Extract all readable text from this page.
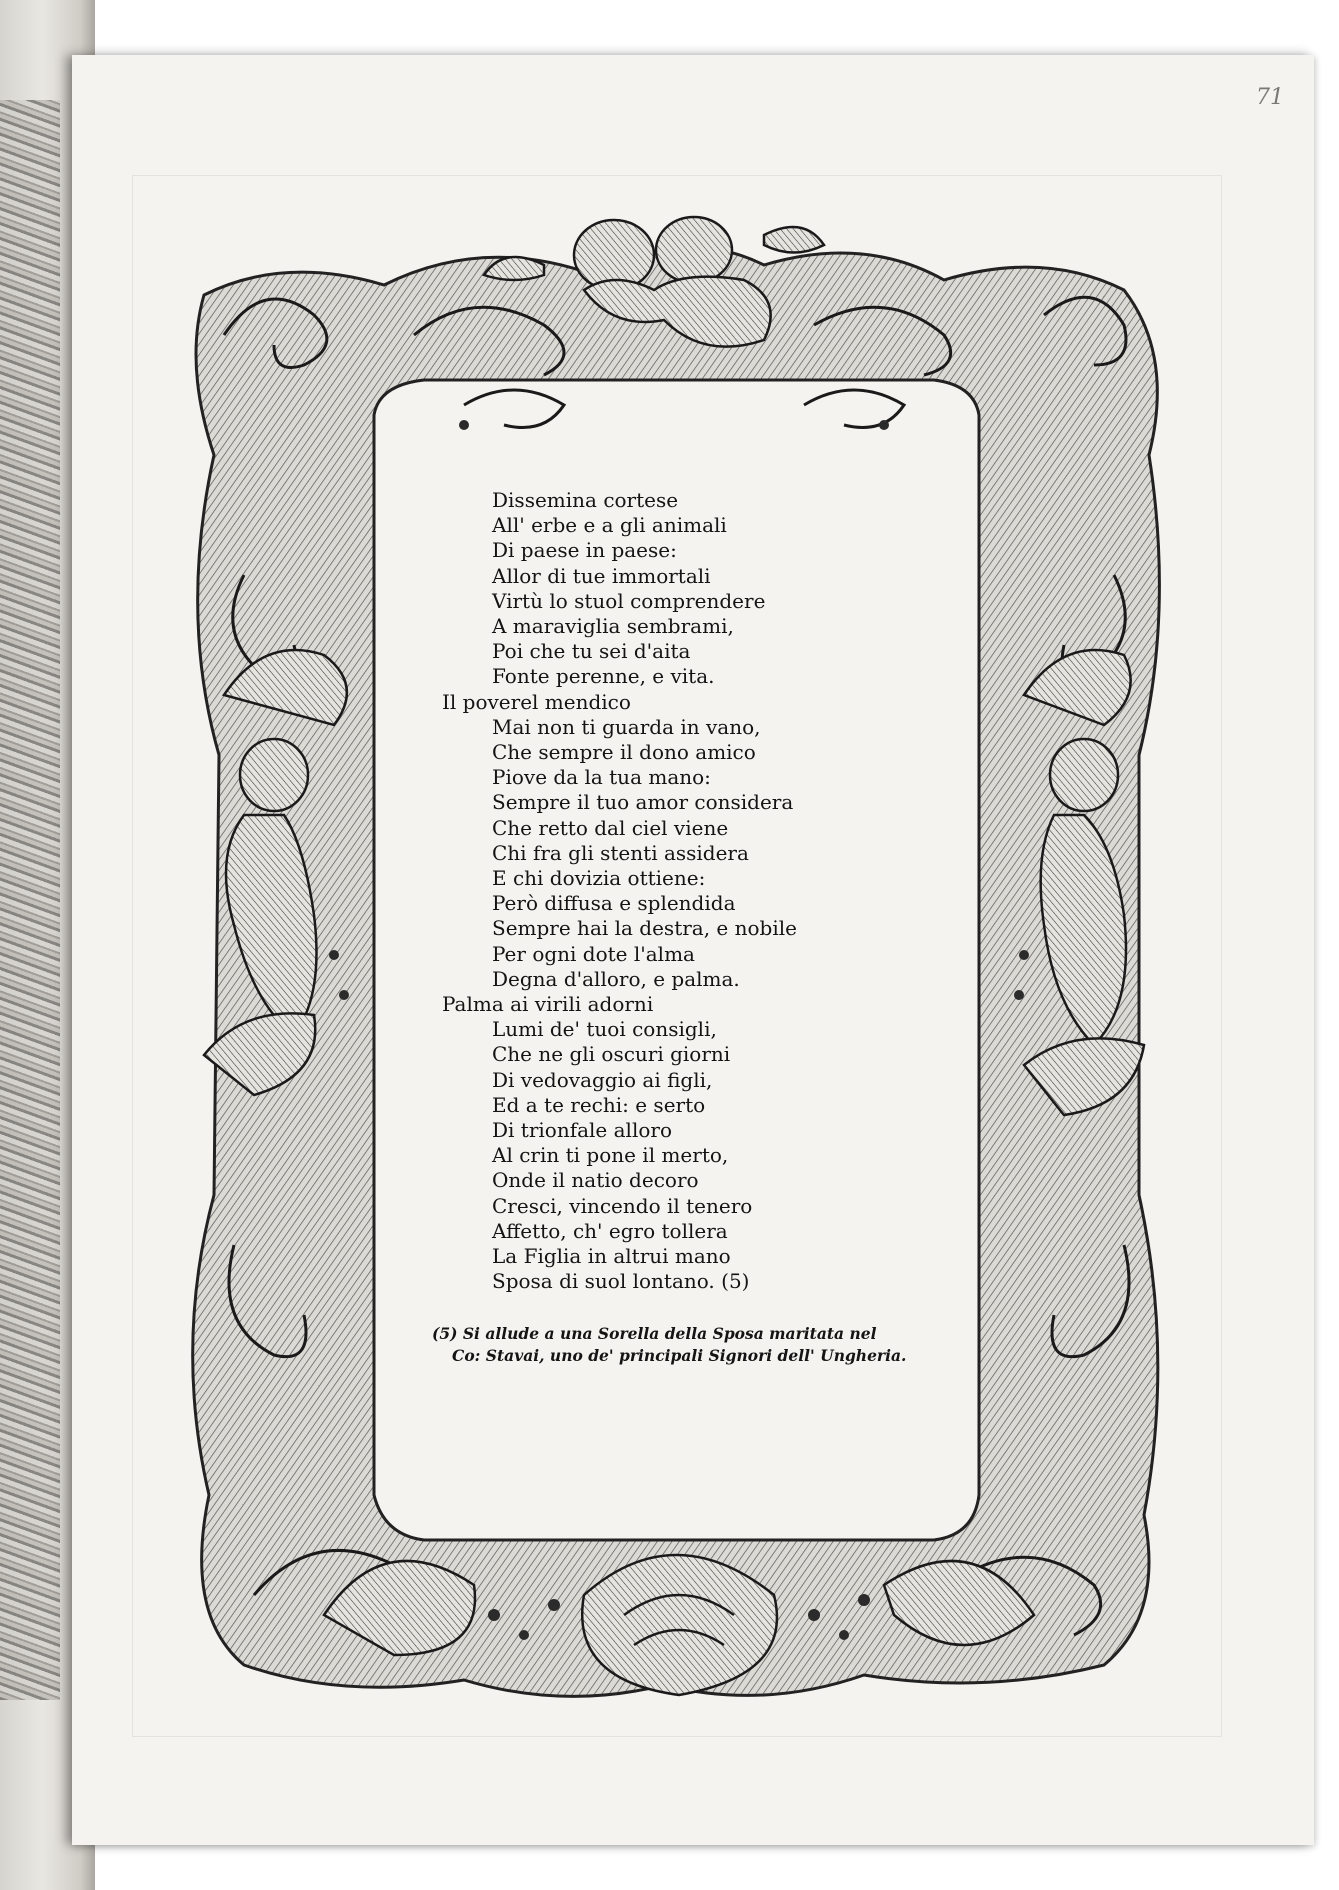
71
Dissemina cortese
All' erbe e a gli animali
Di paese in paese:
Allor di tue immortali
Virtù lo stuol comprendere
A maraviglia sembrami,
Poi che tu sei d'aita
Fonte perenne, e vita.
Il poverel mendico
Mai non ti guarda in vano,
Che sempre il dono amico
Piove da la tua mano:
Sempre il tuo amor considera
Che retto dal ciel viene
Chi fra gli stenti assidera
E chi dovizia ottiene:
Però diffusa e splendida
Sempre hai la destra, e nobile
Per ogni dote l'alma
Degna d'alloro, e palma.
Palma ai virili adorni
Lumi de' tuoi consigli,
Che ne gli oscuri giorni
Di vedovaggio ai figli,
Ed a te rechi: e serto
Di trionfale alloro
Al crin ti pone il merto,
Onde il natio decoro
Cresci, vincendo il tenero
Affetto, ch' egro tollera
La Figlia in altrui mano
Sposa di suol lontano. (5)
(5) Si allude a una Sorella della Sposa maritata nel
Co: Stavai, uno de' principali Signori dell' Ungheria.
